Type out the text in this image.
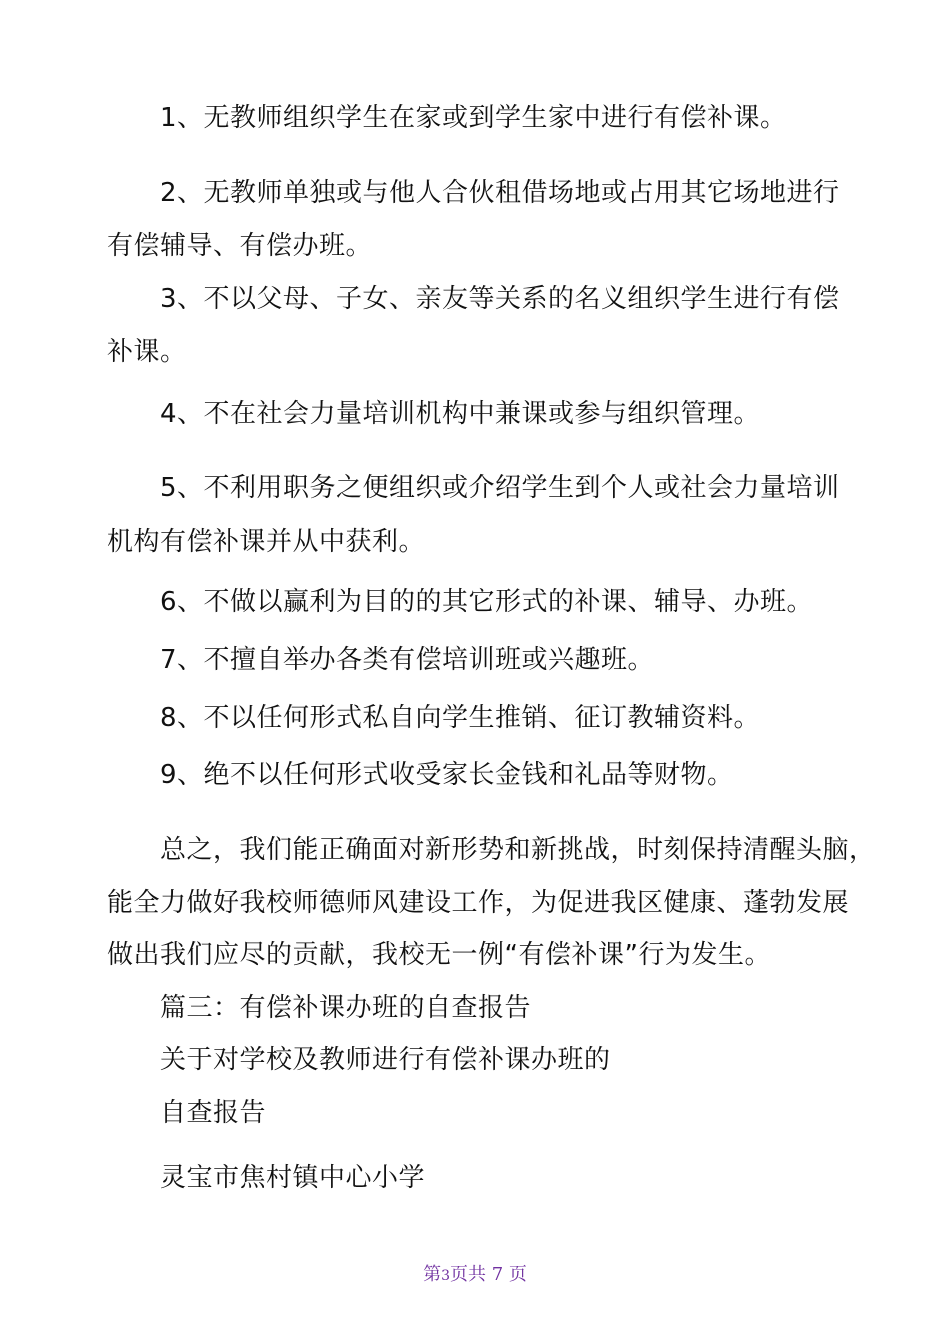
1、无教师组织学生在家或到学生家中进行有偿补课。
2、无教师单独或与他人合伙租借场地或占用其它场地进行
有偿辅导、有偿办班。
3、不以父母、子女、亲友等关系的名义组织学生进行有偿
补课。
4、不在社会力量培训机构中兼课或参与组织管理。
5、不利用职务之便组织或介绍学生到个人或社会力量培训
机构有偿补课并从中获利。
6、不做以赢利为目的的其它形式的补课、辅导、办班。
7、不擅自举办各类有偿培训班或兴趣班。
8、不以任何形式私自向学生推销、征订教辅资料。
9、绝不以任何形式收受家长金钱和礼品等财物。
总之，我们能正确面对新形势和新挑战，时刻保持清醒头脑，
能全力做好我校师德师风建设工作，为促进我区健康、蓬勃发展
做出我们应尽的贡献，我校无一例“有偿补课”行为发生。
篇三：有偿补课办班的自查报告
关于对学校及教师进行有偿补课办班的
自查报告
灵宝市焦村镇中心小学
第3页共 7 页
